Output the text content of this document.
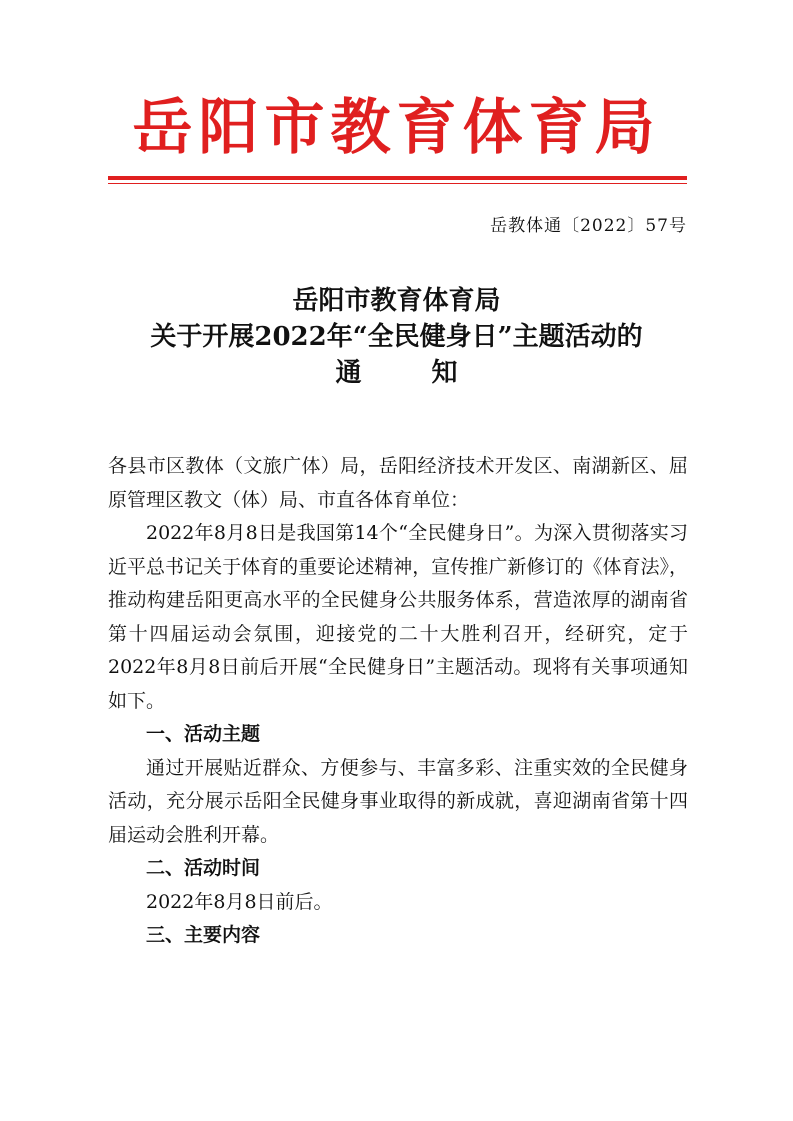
岳阳市教育体育局
岳教体通〔2022〕57号
岳阳市教育体育局
关于开展2022年“全民健身日”主题活动的
通知

各县市区教体（文旅广体）局，岳阳经济技术开发区、南湖新区、屈原管理区教文（体）局、市直各体育单位：

2022年8月8日是我国第14个“全民健身日”。为深入贯彻落实习近平总书记关于体育的重要论述精神，宣传推广新修订的《体育法》，推动构建岳阳更高水平的全民健身公共服务体系，营造浓厚的湖南省第十四届运动会氛围，迎接党的二十大胜利召开，经研究，定于2022年8月8日前后开展“全民健身日”主题活动。现将有关事项通知如下。

一、活动主题

通过开展贴近群众、方便参与、丰富多彩、注重实效的全民健身活动，充分展示岳阳全民健身事业取得的新成就，喜迎湖南省第十四届运动会胜利开幕。

二、活动时间

2022年8月8日前后。

三、主要内容
